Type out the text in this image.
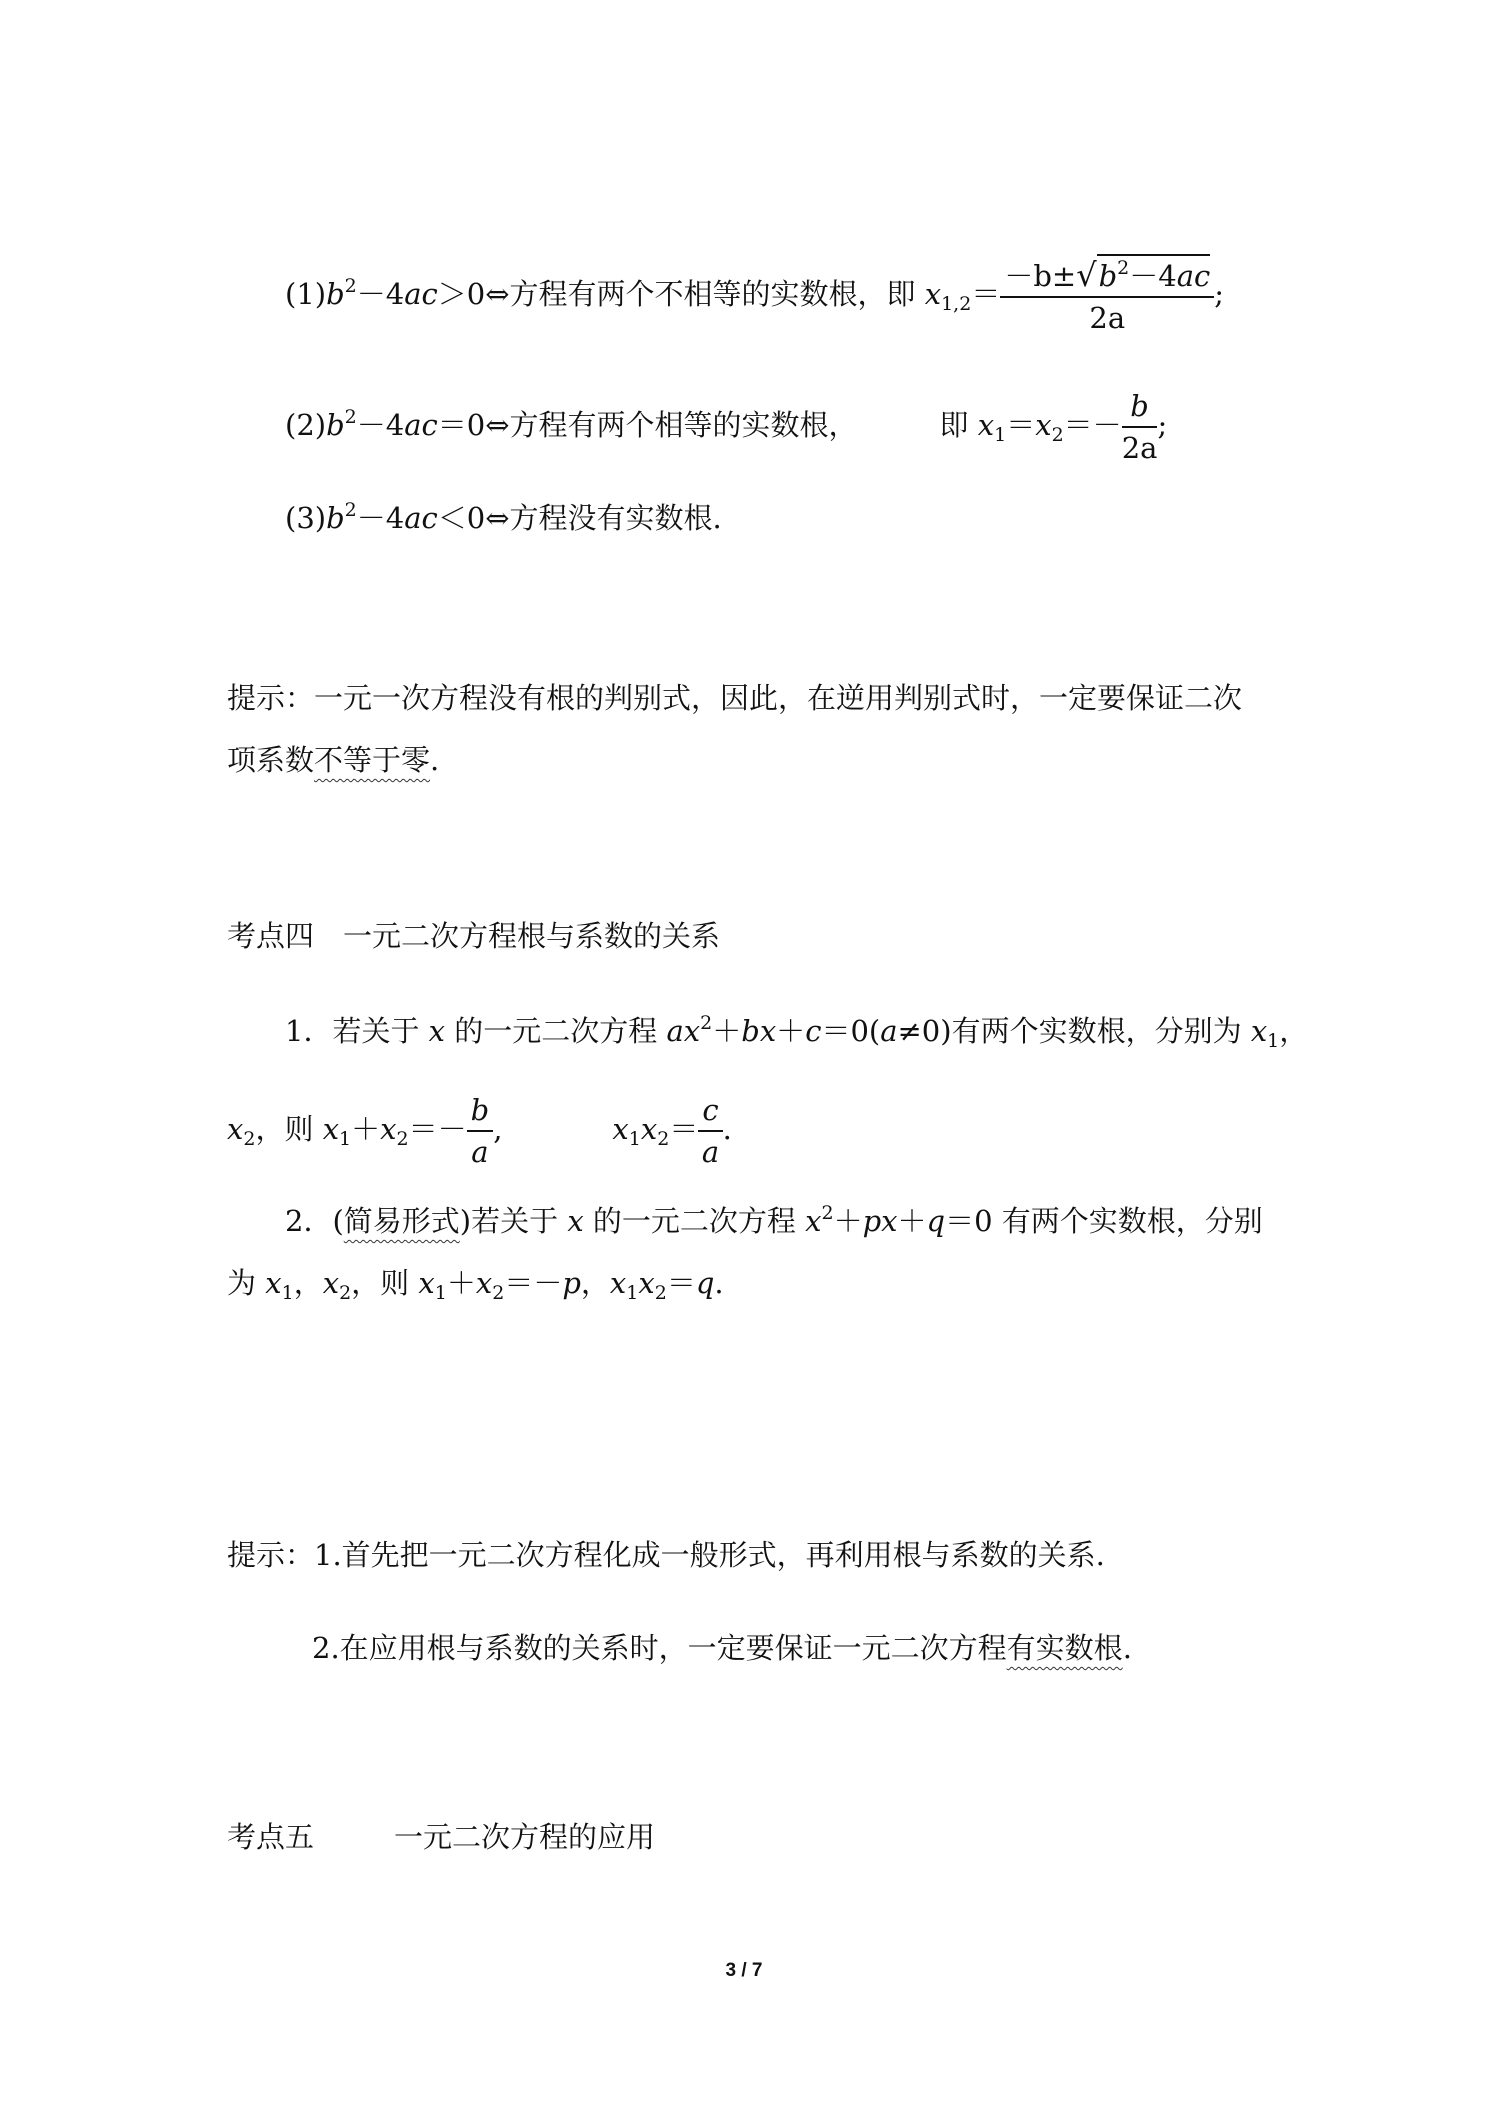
$(1)b^2-4ac>0\Leftrightarrow$方程有两个不相等的实数根，即 $x_{1,2}= \frac{-b\pm√b^2-4ac}{2a}$ ;
$(2)b^2-4ac=0\Leftrightarrow$方程有两个相等的实数根，	即 $x_1=x_2=- \frac{b}{2a}$ ;
$(3)b^2-4ac<0\Leftrightarrow$方程没有实数根.
提示：一元一次方程没有根的判别式，因此，在逆用判别式时，一定要保证二次
项系数不等于零.
考点四　一元二次方程根与系数的关系
1．若关于 x 的一元二次方程 $ax^2+bx+c=0(a\ne 0)$有两个实数根，分别为 $x_1$，
$x_2$，则 $x_1+x_2=- \frac{b}{a}$ ,	$x_1x_2= \frac{c}{a}$ .
2．(简易形式)若关于 x 的一元二次方程 $x^2+px+q=0$ 有两个实数根，分别
为 $x_1$，$x_2$，则 $x_1+x_2=-p$，$x_1x_2=q$.
提示：1.首先把一元二次方程化成一般形式，再利用根与系数的关系.
2.在应用根与系数的关系时，一定要保证一元二次方程有实数根.
考点五	一元二次方程的应用
3 / 7
